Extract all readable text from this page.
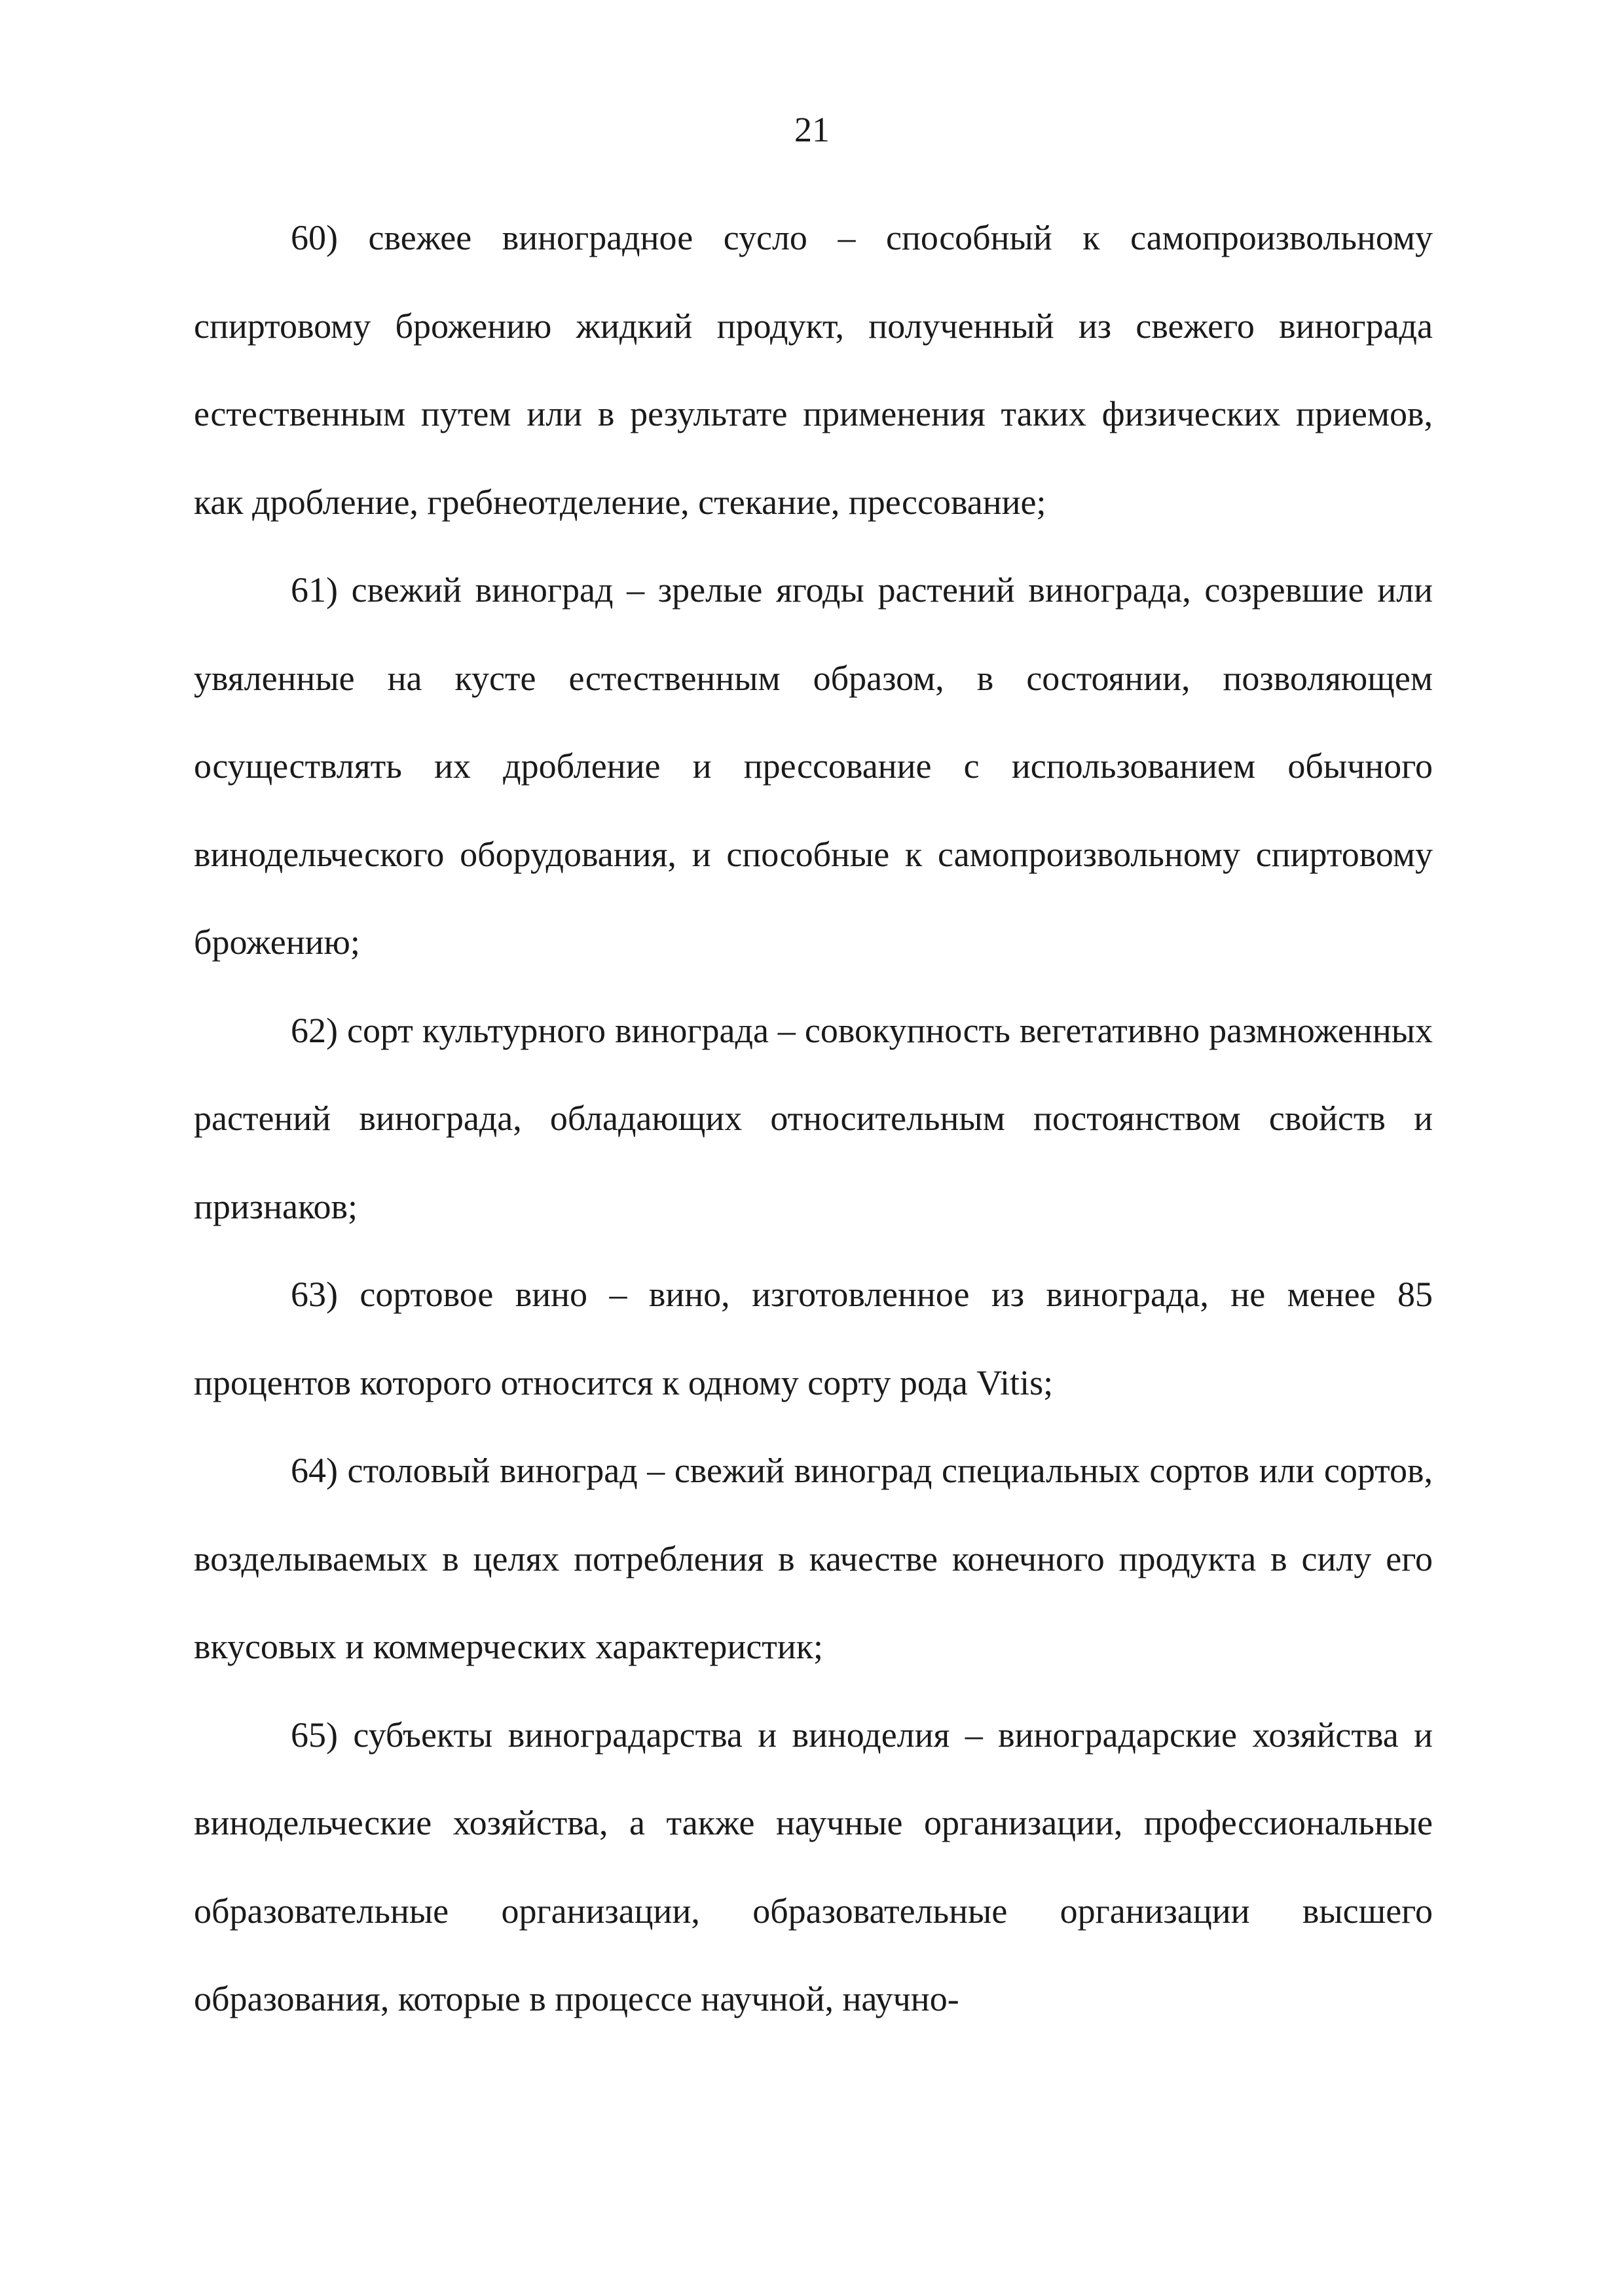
21

60) свежее виноградное сусло – способный к самопроизвольному спиртовому брожению жидкий продукт, полученный из свежего винограда естественным путем или в результате применения таких физических приемов, как дробление, гребнеотделение, стекание, прессование;

61) свежий виноград – зрелые ягоды растений винограда, созревшие или увяленные на кусте естественным образом, в состоянии, позволяющем осуществлять их дробление и прессование с использованием обычного винодельческого оборудования, и способные к самопроизвольному спиртовому брожению;

62) сорт культурного винограда – совокупность вегетативно размноженных растений винограда, обладающих относительным постоянством свойств и признаков;

63) сортовое вино – вино, изготовленное из винограда, не менее 85 процентов которого относится к одному сорту рода Vitis;

64) столовый виноград – свежий виноград специальных сортов или сортов, возделываемых в целях потребления в качестве конечного продукта в силу его вкусовых и коммерческих характеристик;

65) субъекты виноградарства и виноделия – виноградарские хозяйства и винодельческие хозяйства, а также научные организации, профессиональные образовательные организации, образовательные организации высшего образования, которые в процессе научной, научно-
